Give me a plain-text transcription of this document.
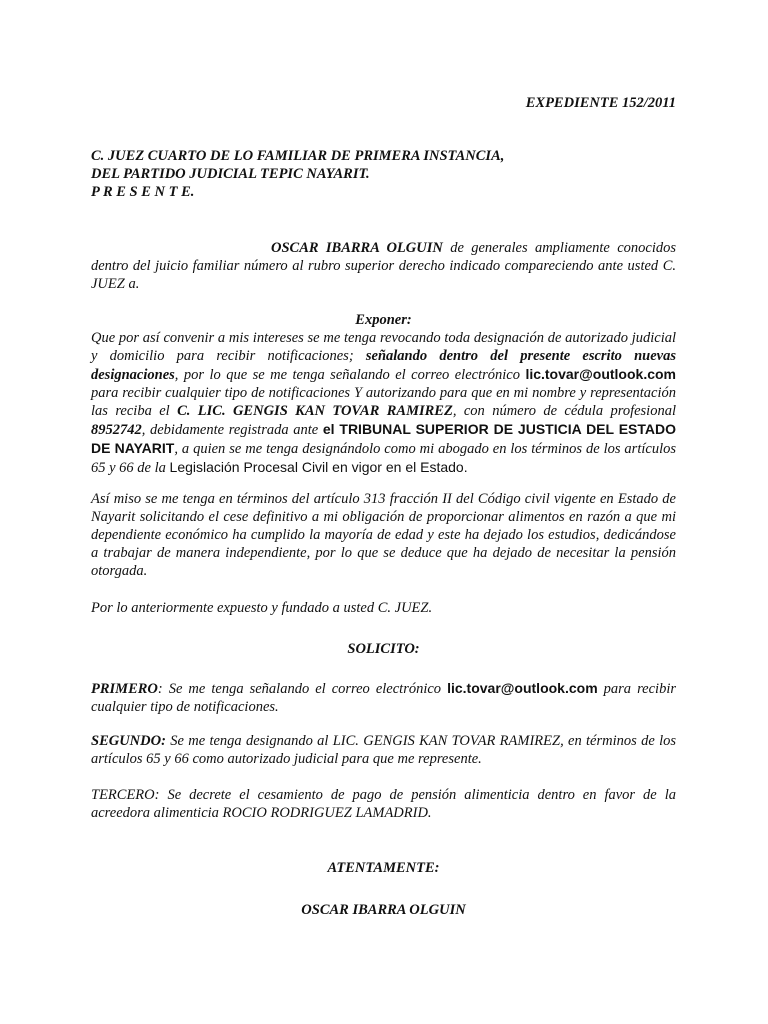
EXPEDIENTE 152/2011

C. JUEZ CUARTO DE LO FAMILIAR DE PRIMERA INSTANCIA,
DEL PARTIDO JUDICIAL TEPIC NAYARIT.
P R E S E N T E.

OSCAR IBARRA OLGUIN de generales ampliamente conocidos dentro del juicio familiar número al rubro superior derecho indicado compareciendo ante usted C. JUEZ a.

Exponer:

Que por así convenir a mis intereses se me tenga revocando toda designación de autorizado judicial y domicilio para recibir notificaciones; señalando dentro del presente escrito nuevas designaciones, por lo que se me tenga señalando el correo electrónico lic.tovar@outlook.com para recibir cualquier tipo de notificaciones Y autorizando para que en mi nombre y representación las reciba el C. LIC. GENGIS KAN TOVAR RAMIREZ, con número de cédula profesional 8952742, debidamente registrada ante el TRIBUNAL SUPERIOR DE JUSTICIA DEL ESTADO DE NAYARIT, a quien se me tenga designándolo como mi abogado en los términos de los artículos 65 y 66 de la Legislación Procesal Civil en vigor en el Estado.

Así miso se me tenga en términos del artículo 313 fracción II del Código civil vigente en Estado de Nayarit solicitando el cese definitivo a mi obligación de proporcionar alimentos en razón a que mi dependiente económico ha cumplido la mayoría de edad y este ha dejado los estudios, dedicándose a trabajar de manera independiente, por lo que se deduce que ha dejado de necesitar la pensión otorgada.

Por lo anteriormente expuesto y fundado a usted C. JUEZ.

SOLICITO:

PRIMERO: Se me tenga señalando el correo electrónico lic.tovar@outlook.com para recibir cualquier tipo de notificaciones.

SEGUNDO: Se me tenga designando al LIC. GENGIS KAN TOVAR RAMIREZ, en términos de los artículos 65 y 66 como autorizado judicial para que me represente.

TERCERO: Se decrete el cesamiento de pago de pensión alimenticia dentro en favor de la acreedora alimenticia ROCIO RODRIGUEZ LAMADRID.

ATENTAMENTE:

OSCAR IBARRA OLGUIN
